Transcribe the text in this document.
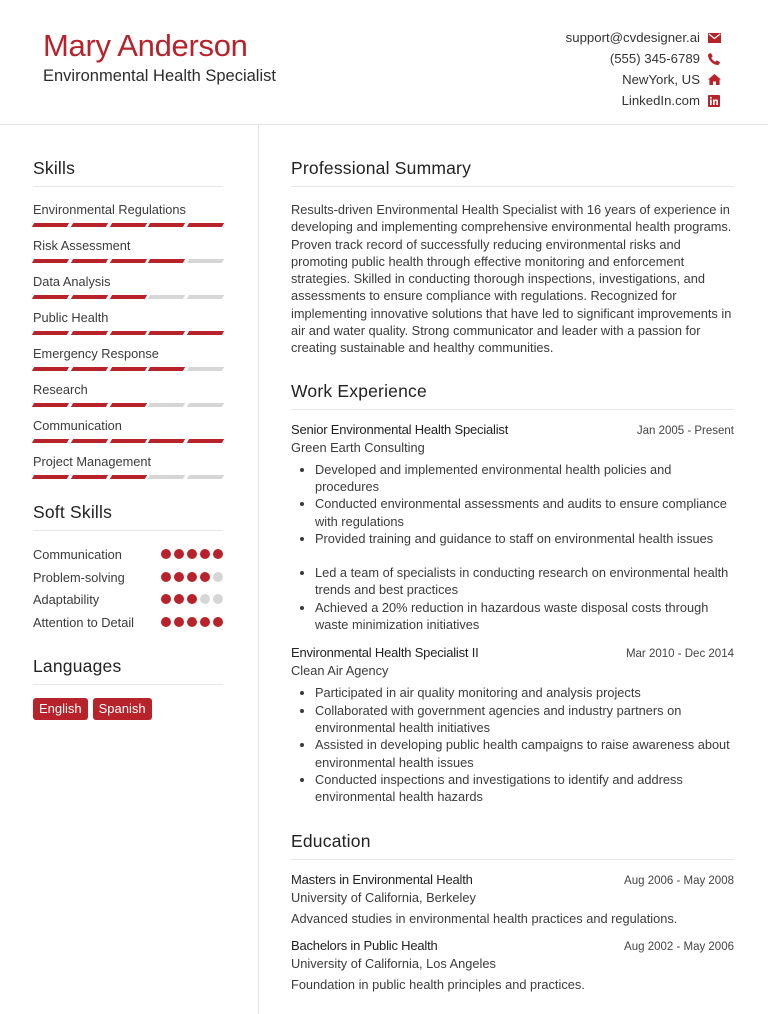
Mary Anderson
Environmental Health Specialist
support@cvdesigner.ai
(555) 345-6789
NewYork, US
LinkedIn.com
Skills
Environmental Regulations
Risk Assessment
Data Analysis
Public Health
Emergency Response
Research
Communication
Project Management
Soft Skills
Communication
Problem-solving
Adaptability
Attention to Detail
Languages
English	Spanish
Professional Summary

Results-driven Environmental Health Specialist with 16 years of experience in developing and implementing comprehensive environmental health programs. Proven track record of successfully reducing environmental risks and promoting public health through effective monitoring and enforcement strategies. Skilled in conducting thorough inspections, investigations, and assessments to ensure compliance with regulations. Recognized for implementing innovative solutions that have led to significant improvements in air and water quality. Strong communicator and leader with a passion for creating sustainable and healthy communities.

Work Experience
Senior Environmental Health Specialist	Jan 2005 - Present
Green Earth Consulting
• Developed and implemented environmental health policies and procedures
• Conducted environmental assessments and audits to ensure compliance with regulations
• Provided training and guidance to staff on environmental health issues
• Led a team of specialists in conducting research on environmental health trends and best practices
• Achieved a 20% reduction in hazardous waste disposal costs through waste minimization initiatives
Environmental Health Specialist II	Mar 2010 - Dec 2014
Clean Air Agency
• Participated in air quality monitoring and analysis projects
• Collaborated with government agencies and industry partners on environmental health initiatives
• Assisted in developing public health campaigns to raise awareness about environmental health issues
• Conducted inspections and investigations to identify and address environmental health hazards
Education
Masters in Environmental Health	Aug 2006 - May 2008
University of California, Berkeley
Advanced studies in environmental health practices and regulations.
Bachelors in Public Health	Aug 2002 - May 2006
University of California, Los Angeles
Foundation in public health principles and practices.
